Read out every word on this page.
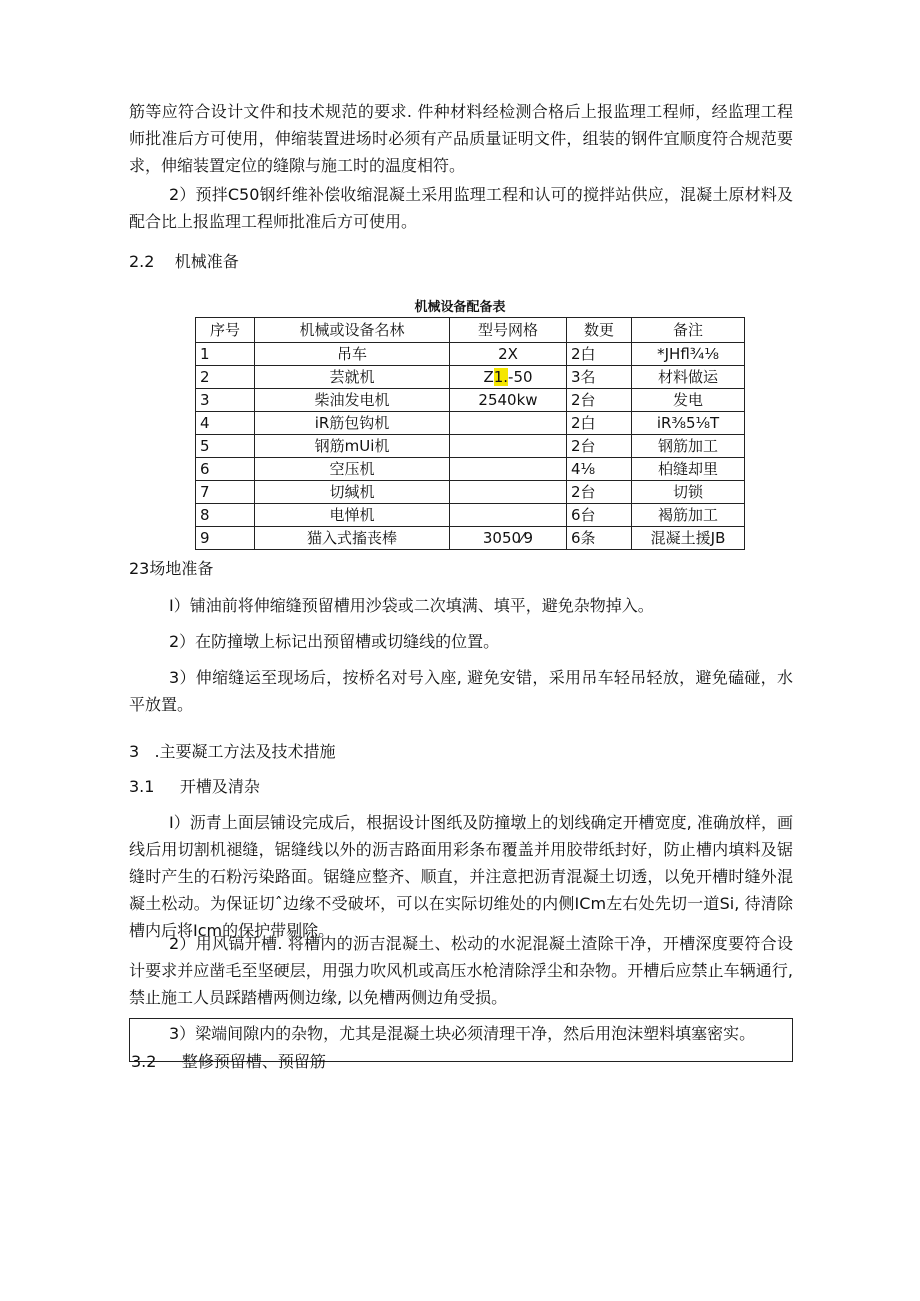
筋等应符合设计文件和技术规范的要求. 件种材料经检测合格后上报监理工程师，经监理工程师批准后方可使用，伸缩装置进场时必须有产品质量证明文件，组装的钢件宜顺度符合规范要求，伸缩装置定位的缝隙与施工时的温度相符。

2）预拌C50钢纤维补偿收缩混凝土采用监理工程和认可的搅拌站供应，混凝土原材料及配合比上报监理工程师批准后方可使用。

2.2    机械准备

机械设备配备表

序号	机械或设备名林	型号网格	数更	备注
1	吊车	2X	2白	*JHfl¾⅛
2	芸就机	Z1.-50	3名	材料做运
3	柴油发电机	2540kw	2台	发电
4	iR筋包钩机		2白	iR⅜5⅛T
5	钢筋mUi机		2台	钢筋加工
6	空压机		4⅛	柏缝却里
7	切缄机		2台	切锁
8	电惮机		6台	褐筋加工
9	猫入式搐丧棒	3050⁄9	6条	混凝土援JB

23场地准备

I）铺油前将伸缩缝预留槽用沙袋或二次填满、填平，避免杂物掉入。

2）在防撞墩上标记出预留槽或切缝线的位置。

3）伸缩缝运至现场后，按桥名对号入座, 避免安错，采用吊车轻吊轻放，避免磕碰，水平放置。

3   .主要凝工方法及技术措施

3.1     开槽及清杂

I）沥青上面层铺设完成后，根据设计图纸及防撞墩上的划线确定开槽宽度, 准确放样，画线后用切割机褪缝，锯缝线以外的沥吉路面用彩条布覆盖并用胶带纸封好，防止槽内填料及锯缝时产生的石粉污染路面。锯缝应整齐、顺直，并注意把沥青混凝土切透，以免开槽时缝外混凝土松动。为保证切ˆ边缘不受破坏，可以在实际切维处的内侧ICm左右处先切一道Si, 待清除槽内后将Icm的保护带剔除。

2）用风镐开槽. 将槽内的沥吉混凝土、松动的水泥混凝土渣除干净，开槽深度要符合设计要求并应凿毛至坚硬层，用强力吹风机或高压水枪清除浮尘和杂物。开槽后应禁止车辆通行, 禁止施工人员踩踏槽两侧边缘, 以免槽两侧边角受损。

3）梁端间隙内的杂物，尤其是混凝土块必须清理干净，然后用泡沫塑料填塞密实。

3.2     整修预留槽、预留筋
